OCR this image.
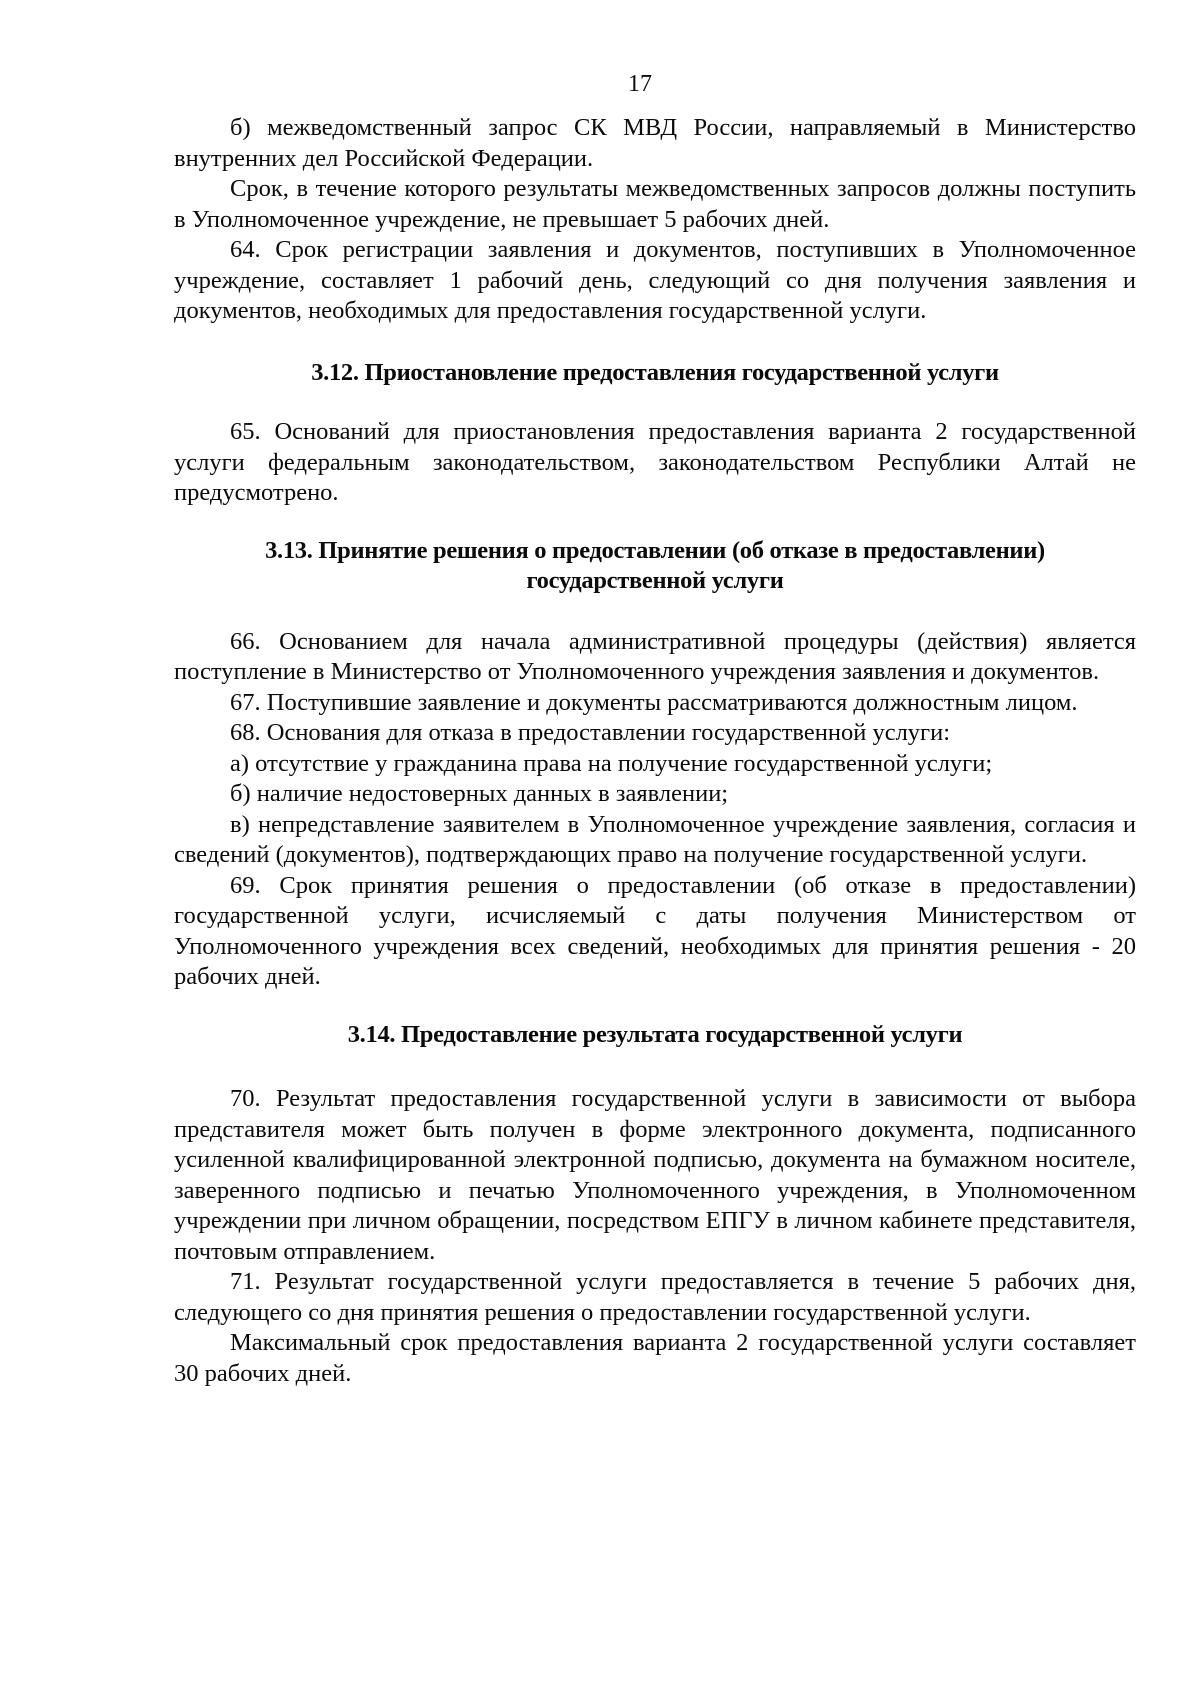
17

б) межведомственный запрос СК МВД России, направляемый в Министерство внутренних дел Российской Федерации.

Срок, в течение которого результаты межведомственных запросов должны поступить в Уполномоченное учреждение, не превышает 5 рабочих дней.

64. Срок регистрации заявления и документов, поступивших в Уполномоченное учреждение, составляет 1 рабочий день, следующий со дня получения заявления и документов, необходимых для предоставления государственной услуги.

3.12. Приостановление предоставления государственной услуги

65. Оснований для приостановления предоставления варианта 2 государственной услуги федеральным законодательством, законодательством Республики Алтай не предусмотрено.

3.13. Принятие решения о предоставлении (об отказе в предоставлении)
государственной услуги

66. Основанием для начала административной процедуры (действия) является поступление в Министерство от Уполномоченного учреждения заявления и документов.

67. Поступившие заявление и документы рассматриваются должностным лицом.

68. Основания для отказа в предоставлении государственной услуги:

а) отсутствие у гражданина права на получение государственной услуги;

б) наличие недостоверных данных в заявлении;

в) непредставление заявителем в Уполномоченное учреждение заявления, согласия и сведений (документов), подтверждающих право на получение государственной услуги.

69. Срок принятия решения о предоставлении (об отказе в предоставлении) государственной услуги, исчисляемый с даты получения Министерством от Уполномоченного учреждения всех сведений, необходимых для принятия решения - 20 рабочих дней.

3.14. Предоставление результата государственной услуги

70. Результат предоставления государственной услуги в зависимости от выбора представителя может быть получен в форме электронного документа, подписанного усиленной квалифицированной электронной подписью, документа на бумажном носителе, заверенного подписью и печатью Уполномоченного учреждения, в Уполномоченном учреждении при личном обращении, посредством ЕПГУ в личном кабинете представителя, почтовым отправлением.

71. Результат государственной услуги предоставляется в течение 5 рабочих дня, следующего со дня принятия решения о предоставлении государственной услуги.

Максимальный срок предоставления варианта 2 государственной услуги составляет 30 рабочих дней.
